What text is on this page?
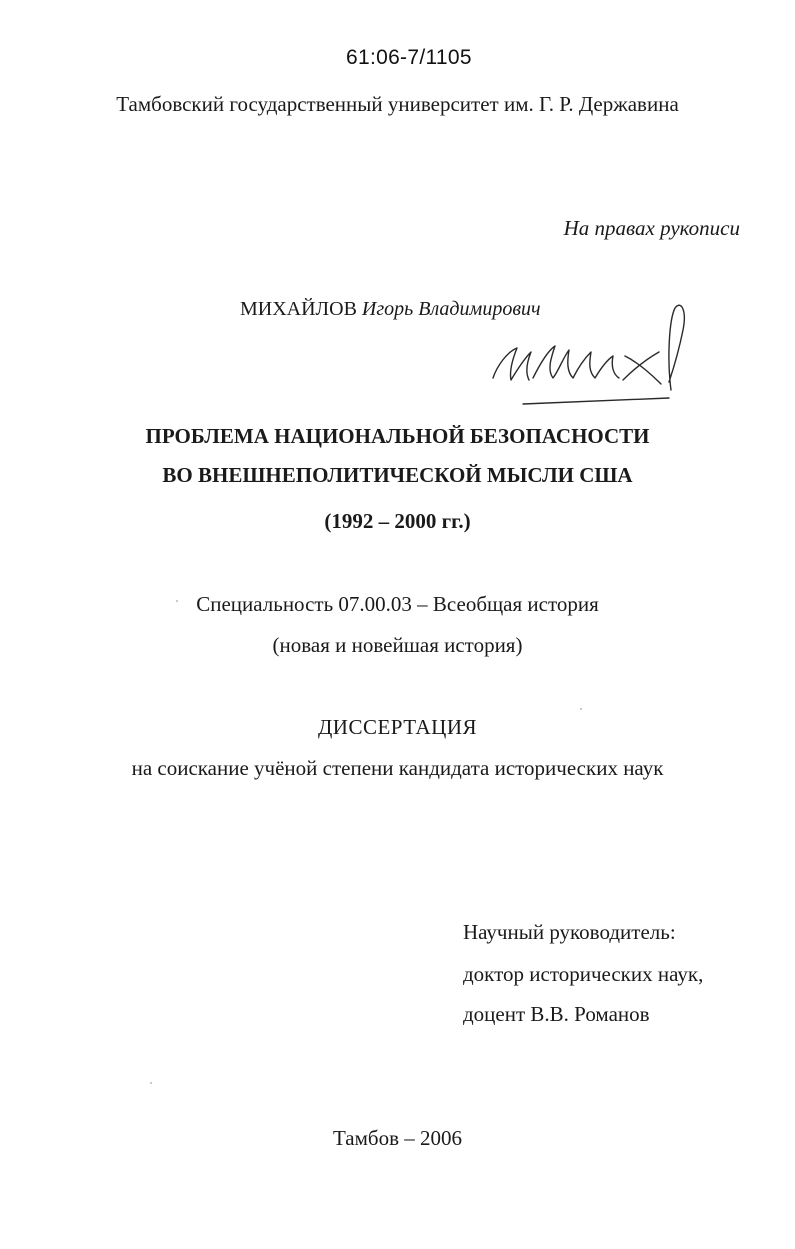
61:06-7/1105
Тамбовский государственный университет им. Г. Р. Державина
На правах рукописи
МИХАЙЛОВ Игорь Владимирович
ПРОБЛЕМА НАЦИОНАЛЬНОЙ БЕЗОПАСНОСТИ
ВО ВНЕШНЕПОЛИТИЧЕСКОЙ МЫСЛИ США
(1992 – 2000 гг.)
Специальность 07.00.03 – Всеобщая история
(новая и новейшая история)
ДИССЕРТАЦИЯ
на соискание учёной степени кандидата исторических наук
Научный руководитель:
доктор исторических наук,
доцент В.В. Романов
Тамбов – 2006
